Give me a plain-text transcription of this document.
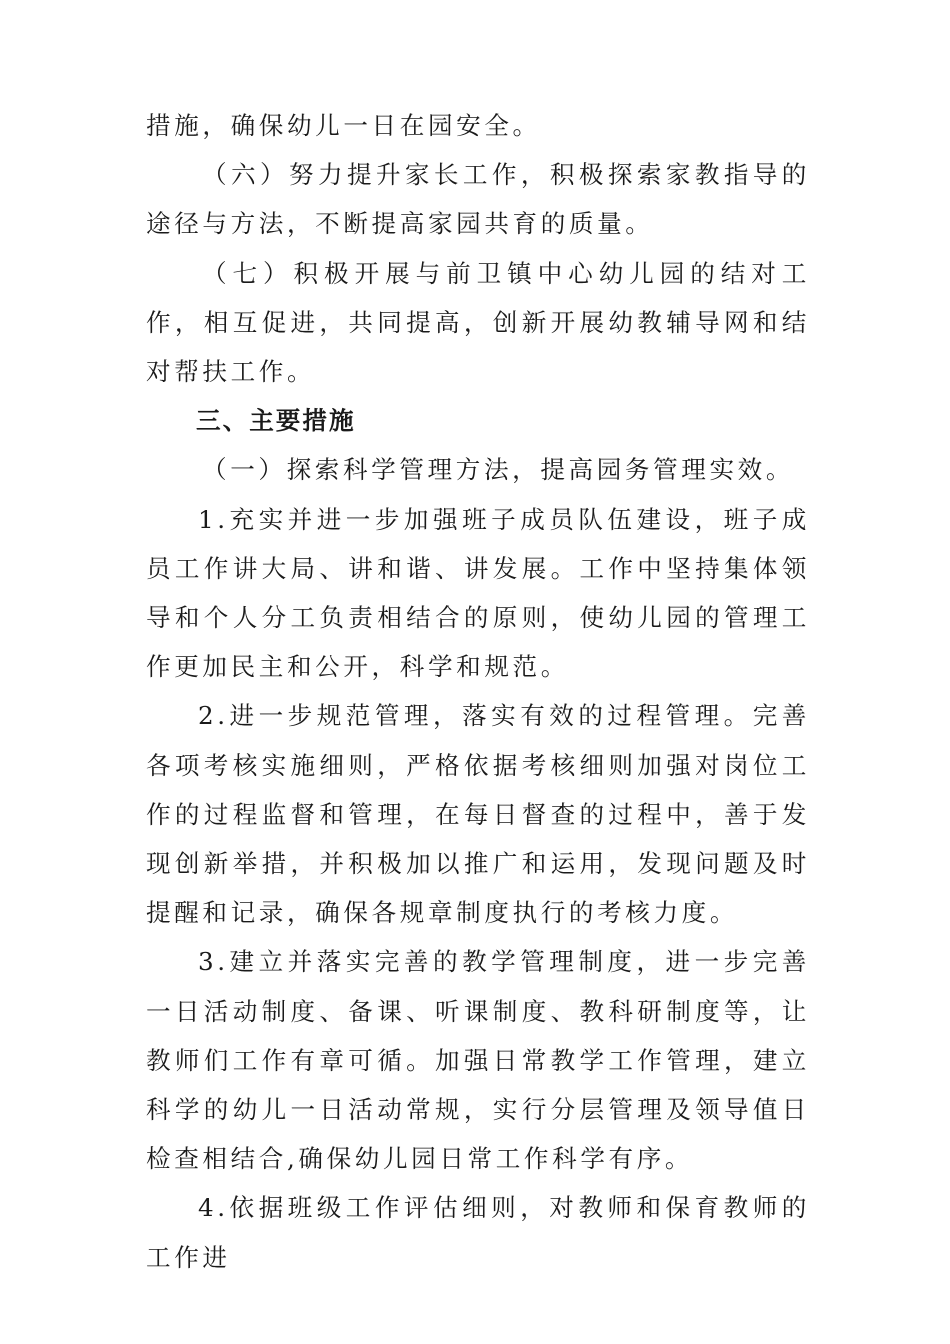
措施，确保幼儿一日在园安全。

（六）努力提升家长工作，积极探索家教指导的途径与方法，不断提高家园共育的质量。

（七）积极开展与前卫镇中心幼儿园的结对工作，相互促进，共同提高，创新开展幼教辅导网和结对帮扶工作。

三、主要措施

（一）探索科学管理方法，提高园务管理实效。

1.充实并进一步加强班子成员队伍建设，班子成员工作讲大局、讲和谐、讲发展。工作中坚持集体领导和个人分工负责相结合的原则，使幼儿园的管理工作更加民主和公开，科学和规范。

2.进一步规范管理，落实有效的过程管理。完善各项考核实施细则，严格依据考核细则加强对岗位工作的过程监督和管理，在每日督查的过程中，善于发现创新举措，并积极加以推广和运用，发现问题及时提醒和记录，确保各规章制度执行的考核力度。

3.建立并落实完善的教学管理制度，进一步完善一日活动制度、备课、听课制度、教科研制度等，让教师们工作有章可循。加强日常教学工作管理，建立科学的幼儿一日活动常规，实行分层管理及领导值日检查相结合,确保幼儿园日常工作科学有序。

4.依据班级工作评估细则，对教师和保育教师的工作进
